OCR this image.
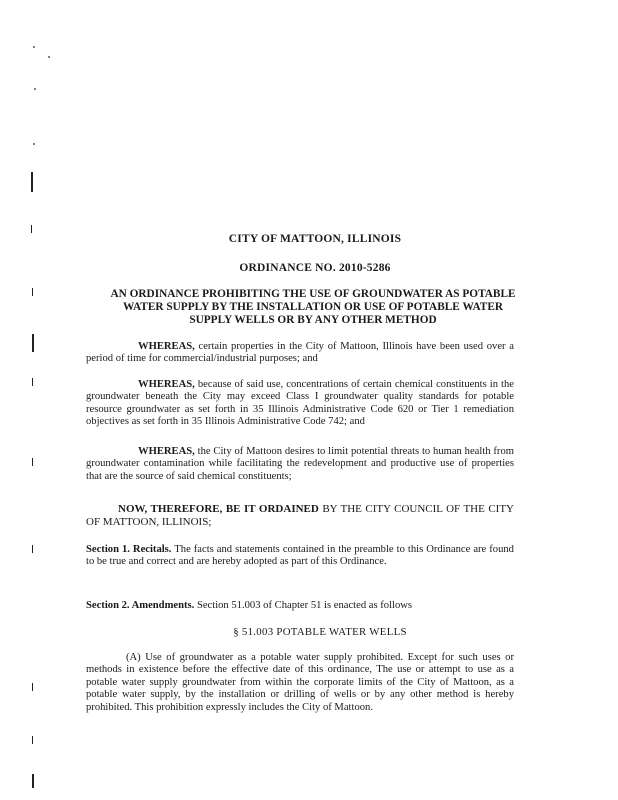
CITY OF MATTOON, ILLINOIS
ORDINANCE NO. 2010-5286
AN ORDINANCE PROHIBITING THE USE OF GROUNDWATER AS POTABLE WATER SUPPLY BY THE INSTALLATION OR USE OF POTABLE WATER SUPPLY WELLS OR BY ANY OTHER METHOD
WHEREAS, certain properties in the City of Mattoon, Illinois have been used over a period of time for commercial/industrial purposes; and
WHEREAS, because of said use, concentrations of certain chemical constituents in the groundwater beneath the City may exceed Class I groundwater quality standards for potable resource groundwater as set forth in 35 Illinois Administrative Code 620 or Tier 1 remediation objectives as set forth in 35 Illinois Administrative Code 742; and
WHEREAS, the City of Mattoon desires to limit potential threats to human health from groundwater contamination while facilitating the redevelopment and productive use of properties that are the source of said chemical constituents;
NOW, THEREFORE, BE IT ORDAINED BY THE CITY COUNCIL OF THE CITY OF MATTOON, ILLINOIS;
Section 1. Recitals. The facts and statements contained in the preamble to this Ordinance are found to be true and correct and are hereby adopted as part of this Ordinance.
Section 2. Amendments. Section 51.003 of Chapter 51 is enacted as follows
§ 51.003 POTABLE WATER WELLS
(A) Use of groundwater as a potable water supply prohibited. Except for such uses or methods in existence before the effective date of this ordinance, The use or attempt to use as a potable water supply groundwater from within the corporate limits of the City of Mattoon, as a potable water supply, by the installation or drilling of wells or by any other method is hereby prohibited. This prohibition expressly includes the City of Mattoon.
